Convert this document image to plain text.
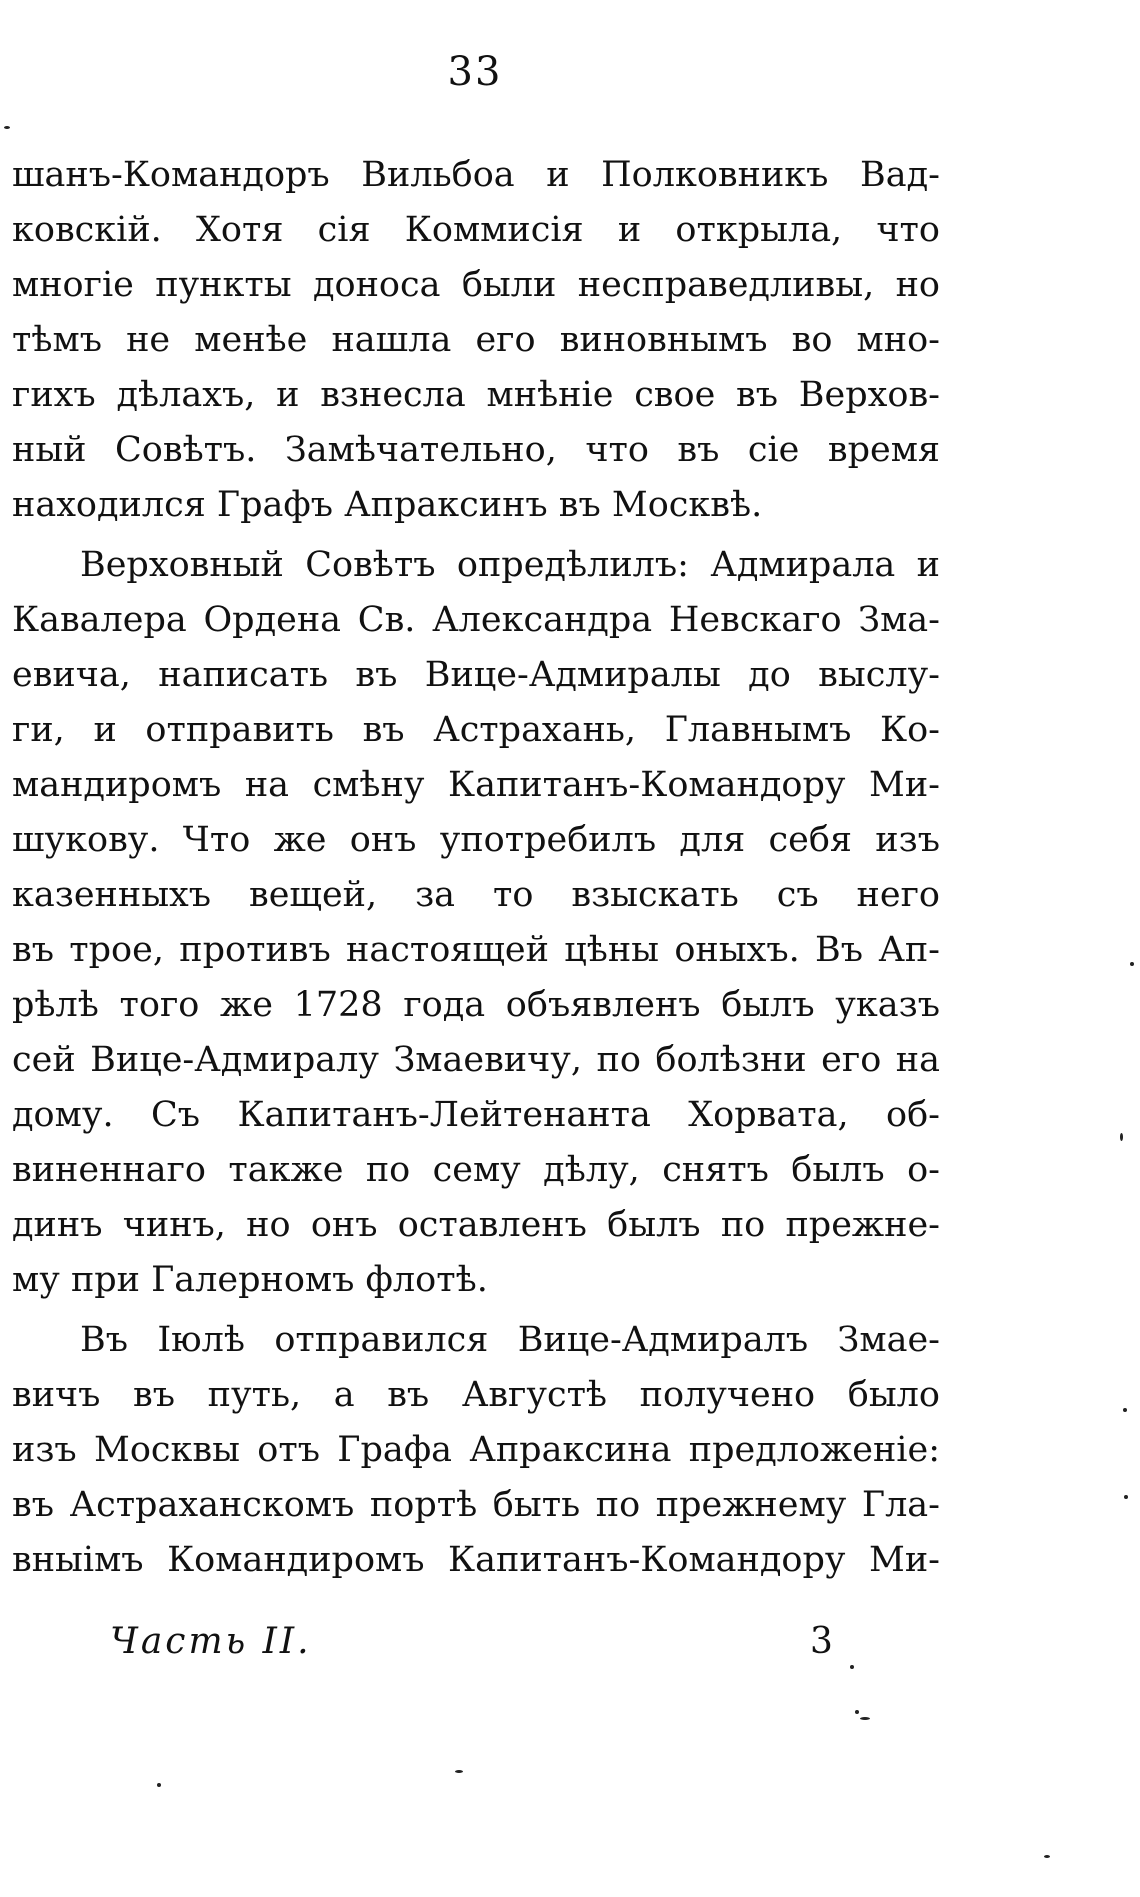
33
шанъ-Командоръ Вильбоа и Полковникъ Вад-
ковскій. Хотя сія Коммисія и открыла, что
многіе пункты доноса были несправедливы, но
тѣмъ не менѣе нашла его виновнымъ во мно-
гихъ дѣлахъ, и взнесла мнѣніе свое въ Верхов-
ный Совѣтъ. Замѣчательно, что въ сіе время
находился Графъ Апраксинъ въ Москвѣ.
Верховный Совѣтъ опредѣлилъ: Адмирала и
Кавалера Ордена Св. Александра Невскаго Зма-
евича, написать въ Вице-Адмиралы до выслу-
ги, и отправить въ Астрахань, Главнымъ Ко-
мандиромъ на смѣну Капитанъ-Командору Ми-
шукову. Что же онъ употребилъ для себя изъ
казенныхъ вещей, за то взыскать съ него
въ трое, противъ настоящей цѣны оныхъ. Въ Ап-
рѣлѣ того же 1728 года объявленъ былъ указъ
сей Вице-Адмиралу Змаевичу, по болѣзни его на
дому. Съ Капитанъ-Лейтенанта Хорвата, об-
виненнаго также по сему дѣлу, снятъ былъ о-
динъ чинъ, но онъ оставленъ былъ по прежне-
му при Галерномъ флотѣ.
Въ Іюлѣ отправился Вице-Адмиралъ Змае-
вичъ въ путь, а въ Августѣ получено было
изъ Москвы отъ Графа Апраксина предложеніе:
въ Астраханскомъ портѣ быть по прежнему Гла-
вныімъ Командиромъ Капитанъ-Командору Ми-
Часть II.	3
